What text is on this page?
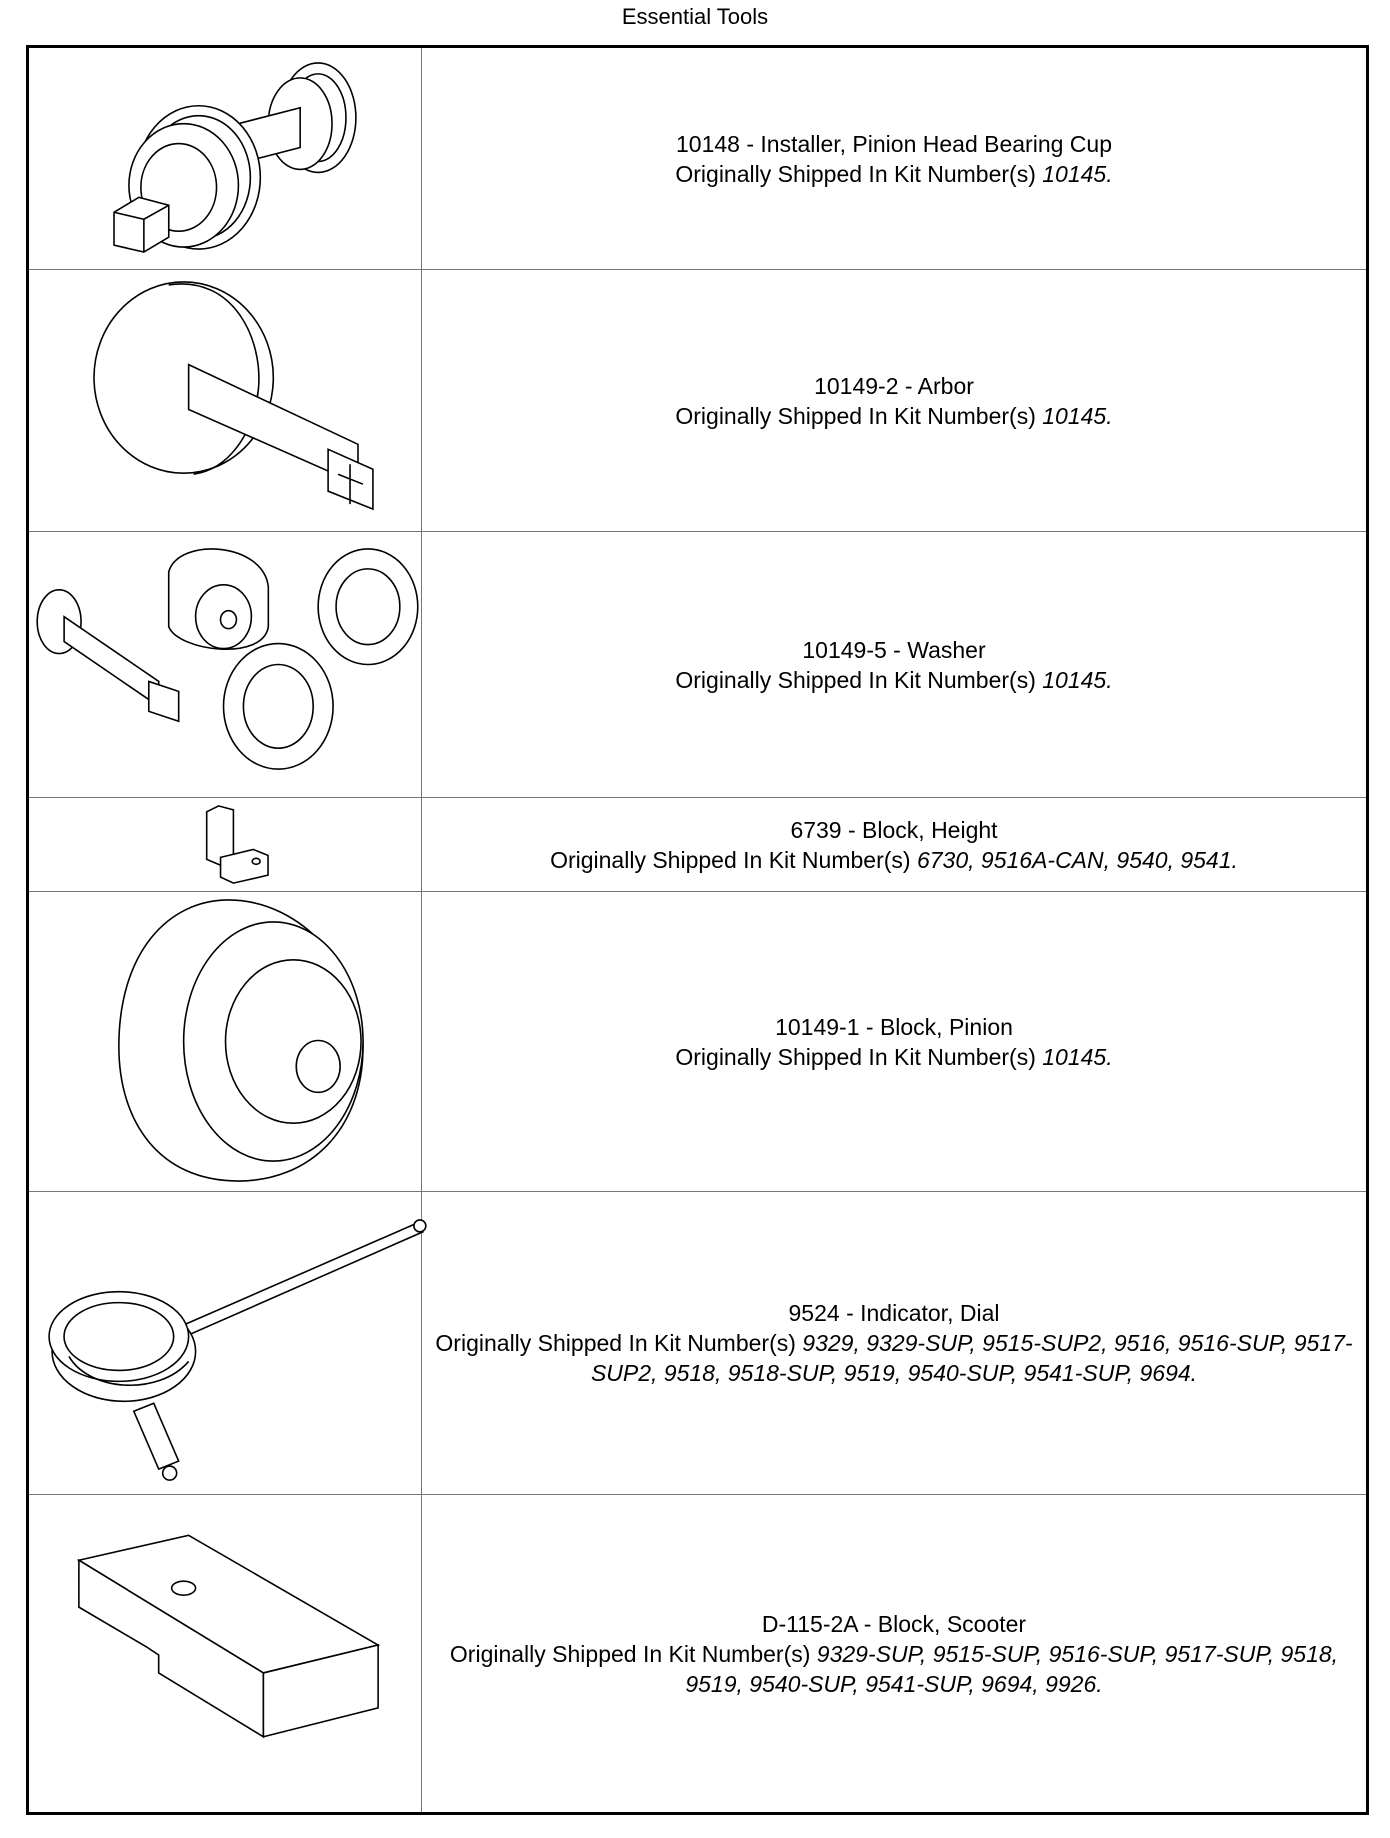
Essential Tools
10148 - Installer, Pinion Head Bearing Cup
Originally Shipped In Kit Number(s) 10145.
10149-2 - Arbor
Originally Shipped In Kit Number(s) 10145.
10149-5 - Washer
Originally Shipped In Kit Number(s) 10145.
6739 - Block, Height
Originally Shipped In Kit Number(s) 6730, 9516A-CAN, 9540, 9541.
10149-1 - Block, Pinion
Originally Shipped In Kit Number(s) 10145.
9524 - Indicator, Dial
Originally Shipped In Kit Number(s) 9329, 9329-SUP, 9515-SUP2, 9516, 9516-SUP, 9517-SUP2, 9518, 9518-SUP, 9519, 9540-SUP, 9541-SUP, 9694.
D-115-2A - Block, Scooter
Originally Shipped In Kit Number(s) 9329-SUP, 9515-SUP, 9516-SUP, 9517-SUP, 9518, 9519, 9540-SUP, 9541-SUP, 9694, 9926.
